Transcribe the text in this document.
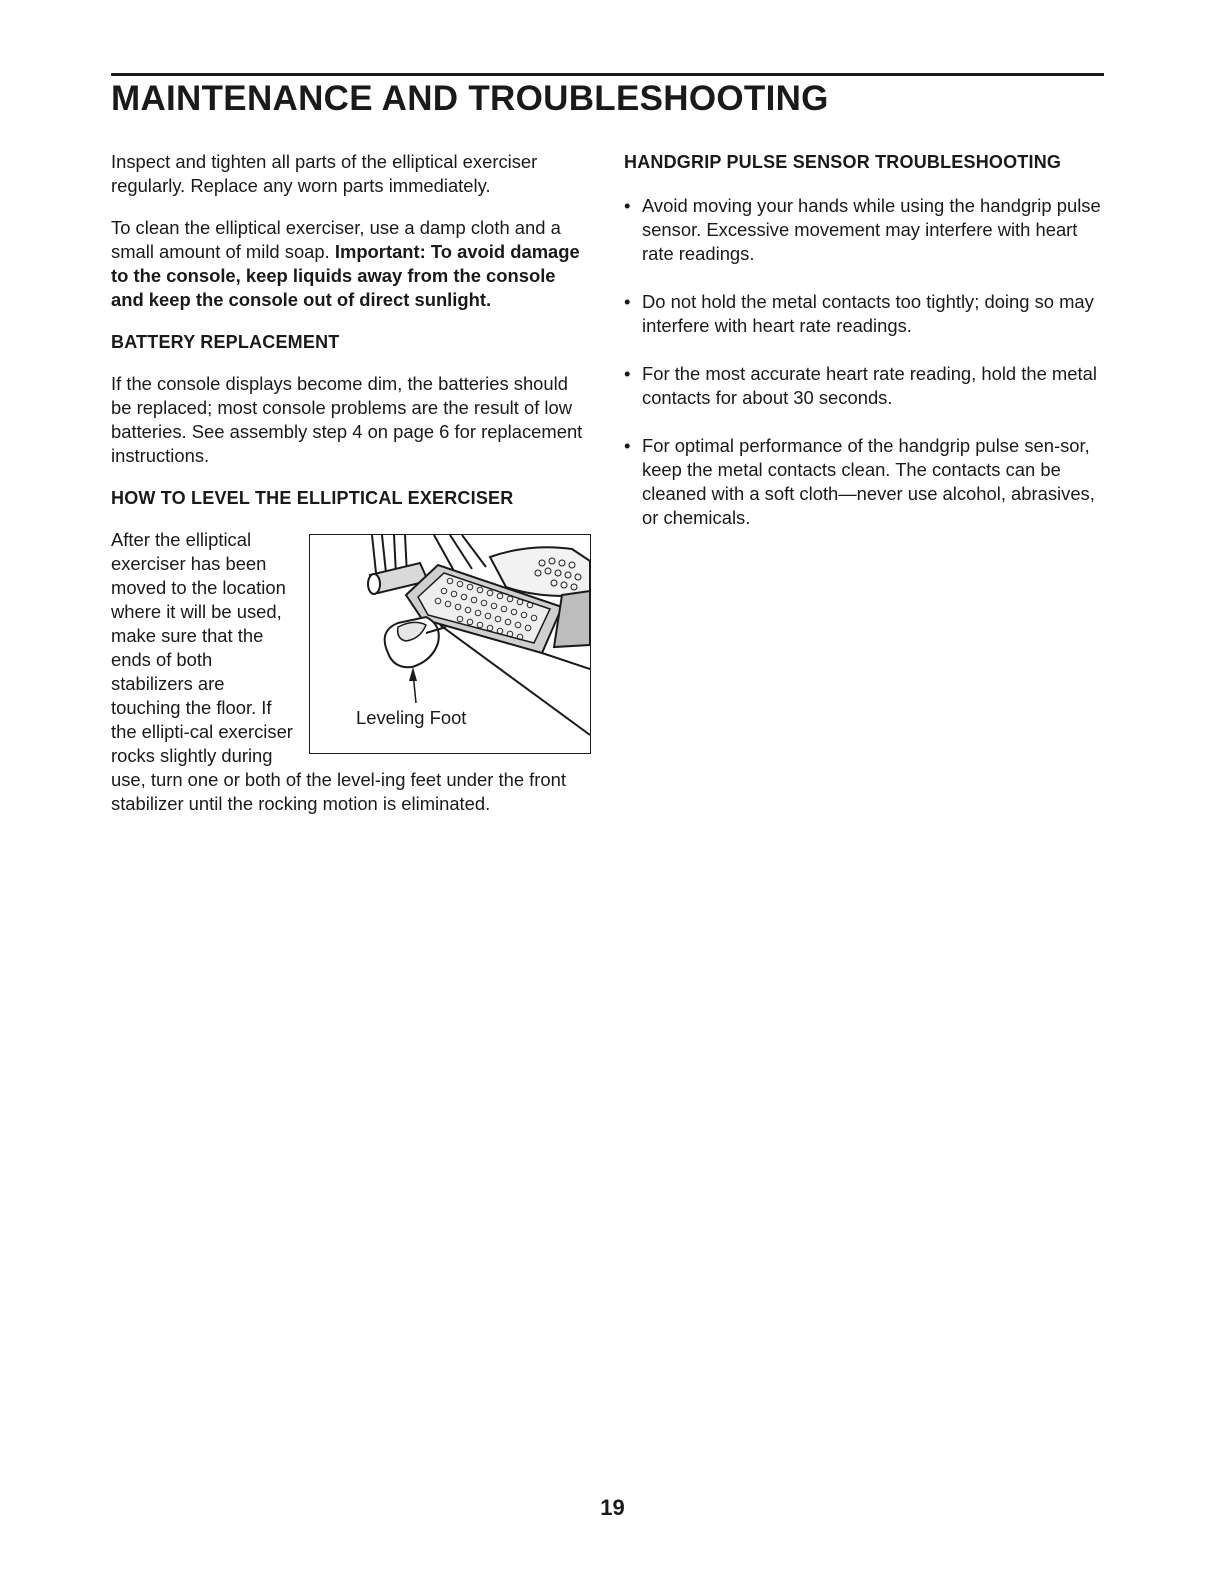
MAINTENANCE AND TROUBLESHOOTING

Inspect and tighten all parts of the elliptical exerciser regularly. Replace any worn parts immediately.

To clean the elliptical exerciser, use a damp cloth and a small amount of mild soap. Important: To avoid damage to the console, keep liquids away from the console and keep the console out of direct sunlight.

BATTERY REPLACEMENT

If the console displays become dim, the batteries should be replaced; most console problems are the result of low batteries. See assembly step 4 on page 6 for replacement instructions.

HOW TO LEVEL THE ELLIPTICAL EXERCISER

Leveling Foot

After the elliptical exerciser has been moved to the location where it will be used, make sure that the ends of both stabilizers are touching the floor. If the ellipti-cal exerciser rocks slightly during use, turn one or both of the level-ing feet under the front stabilizer until the rocking motion is eliminated.

HANDGRIP PULSE SENSOR TROUBLESHOOTING

• Avoid moving your hands while using the handgrip pulse sensor. Excessive movement may interfere with heart rate readings.
• Do not hold the metal contacts too tightly; doing so may interfere with heart rate readings.
• For the most accurate heart rate reading, hold the metal contacts for about 30 seconds.
• For optimal performance of the handgrip pulse sen-sor, keep the metal contacts clean. The contacts can be cleaned with a soft cloth—never use alcohol, abrasives, or chemicals.
19
